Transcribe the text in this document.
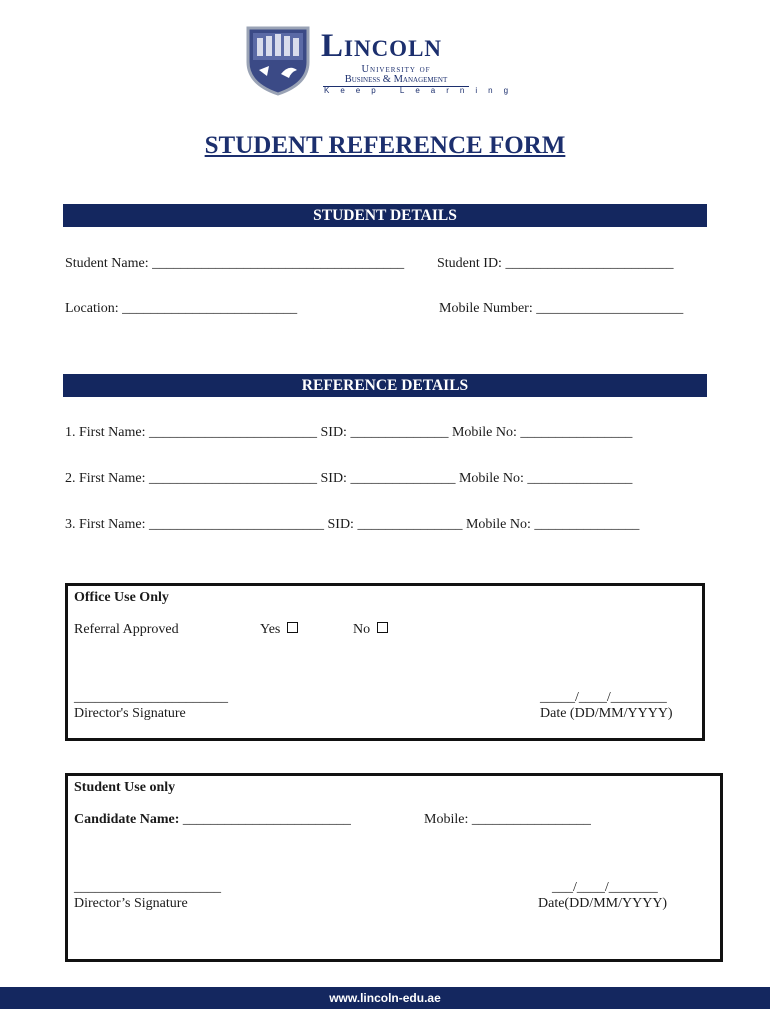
Lincoln
University of
Business & Management
Keep Learning
STUDENT REFERENCE FORM
STUDENT DETAILS
Student Name: ____________________________________ Student ID: ________________________
Location: _________________________	Mobile Number: _____________________
REFERENCE DETAILS
1. First Name: ________________________ SID: ______________ Mobile No: ________________
2. First Name: ________________________ SID: _______________ Mobile No: _______________
3. First Name: _________________________ SID: _______________ Mobile No: _______________
Office Use Only
Referral Approved	Yes	No
______________________
Director's Signature
_____/____/________
Date (DD/MM/YYYY)
Student Use only
Candidate Name: ________________________	Mobile: _________________
_____________________
Director’s Signature
___/____/_______
Date(DD/MM/YYYY)
www.lincoln-edu.ae
